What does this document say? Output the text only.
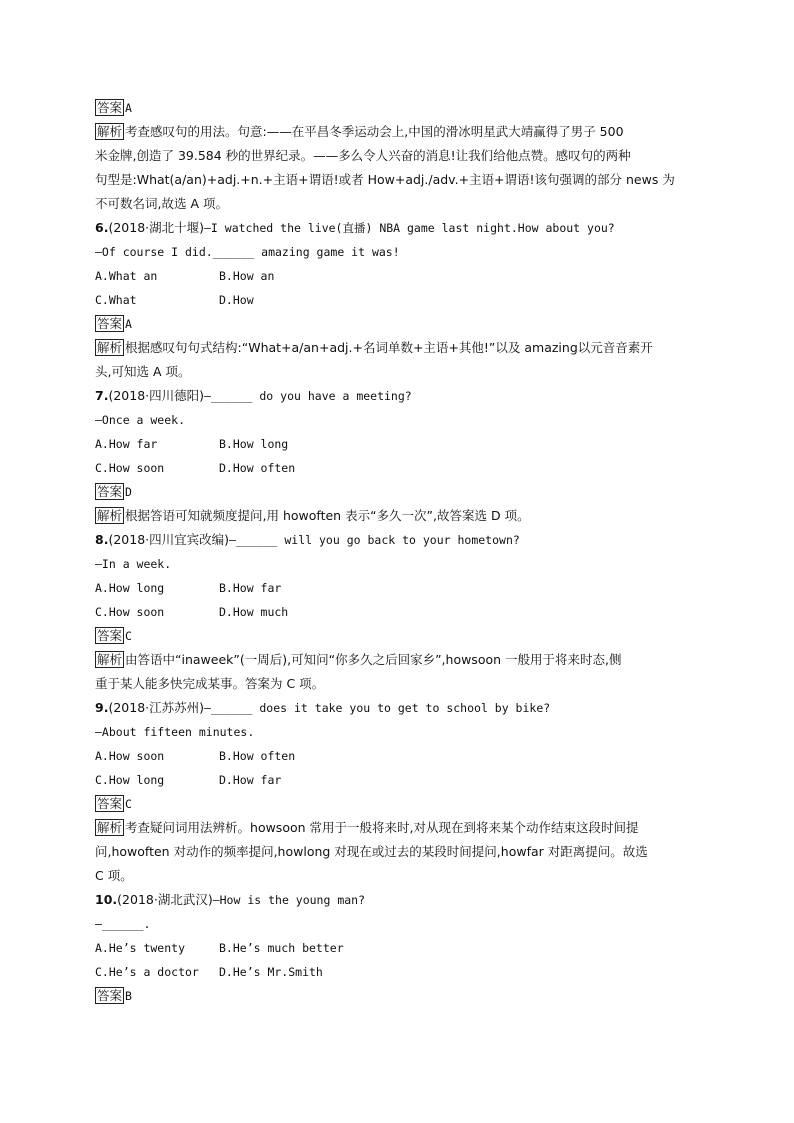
答案 A
解析 考查感叹句的用法。句意:——在平昌冬季运动会上,中国的滑冰明星武大靖赢得了男子 500
米金牌,创造了 39.584 秒的世界纪录。——多么令人兴奋的消息!让我们给他点赞。感叹句的两种
句型是:What(a/an)+adj.+n.+主语+谓语!或者 How+adj./adv.+主语+谓语!该句强调的部分 news 为
不可数名词,故选 A 项。
6.(2018·湖北十堰)—I watched the live(直播) NBA game last night.How about you?
—Of course I did.______ amazing game it was!
A.What an	B.How an
C.What	D.How
答案 A
解析 根据感叹句句式结构:“What+a/an+adj.+名词单数+主语+其他!”以及 amazing以元音音素开
头,可知选 A 项。
7.(2018·四川德阳)—______ do you have a meeting?
—Once a week.
A.How far	B.How long
C.How soon	D.How often
答案 D
解析 根据答语可知就频度提问,用 howoften 表示“多久一次”,故答案选 D 项。
8.(2018·四川宜宾改编)—______ will you go back to your hometown?
—In a week.
A.How long	B.How far
C.How soon	D.How much
答案 C
解析 由答语中“inaweek”(一周后),可知问“你多久之后回家乡”,howsoon 一般用于将来时态,侧
重于某人能多快完成某事。答案为 C 项。
9.(2018·江苏苏州)—______ does it take you to get to school by bike?
—About fifteen minutes.
A.How soon	B.How often
C.How long	D.How far
答案 C
解析 考查疑问词用法辨析。howsoon 常用于一般将来时,对从现在到将来某个动作结束这段时间提
问,howoften 对动作的频率提问,howlong 对现在或过去的某段时间提问,howfar 对距离提问。故选
C 项。
10.(2018·湖北武汉)—How is the young man?
—______.
A.He’s twenty	B.He’s much better
C.He’s a doctor D.He’s Mr.Smith
答案 B
